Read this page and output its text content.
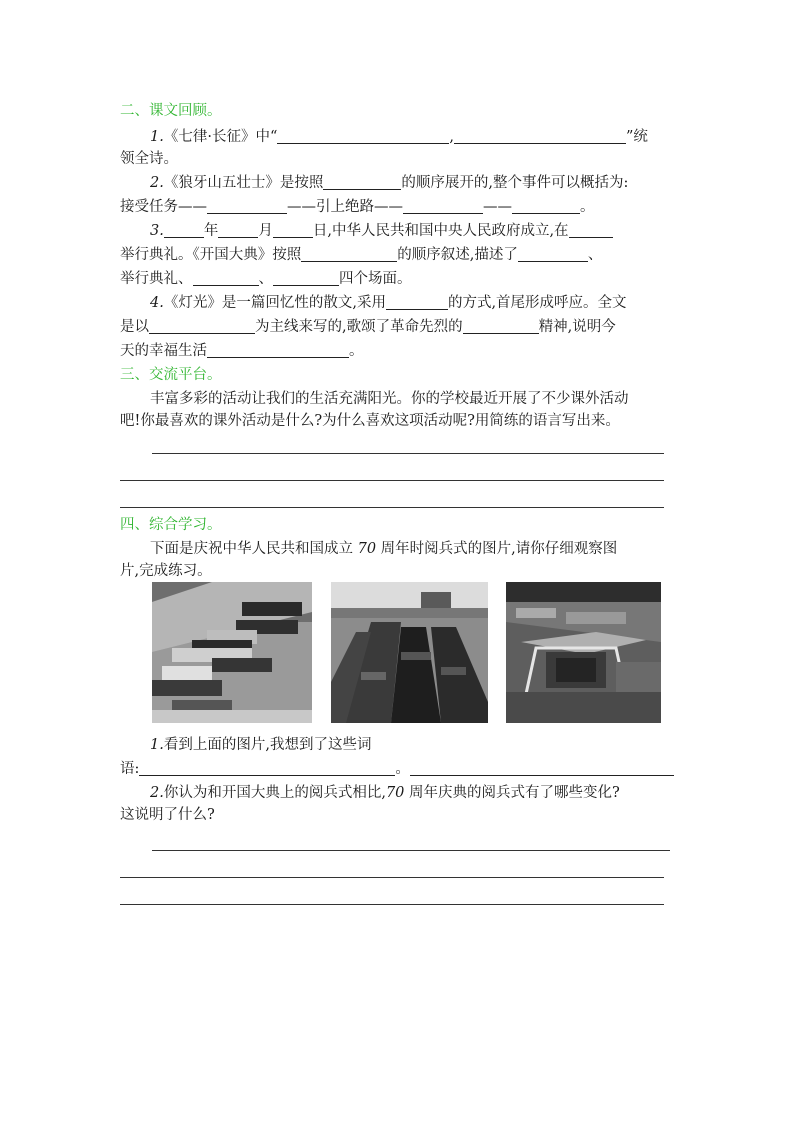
二、课文回顾。
1.《七律·长征》中“	,	”统
领全诗。
2.《狼牙山五壮士》是按照	的顺序展开的,整个事件可以概括为:
接受任务——	——引上绝路——	——	。
3.	年	月	日,中华人民共和国中央人民政府成立,在
举行典礼。《开国大典》按照	的顺序叙述,描述了	、
举行典礼、	、	四个场面。
4.《灯光》是一篇回忆性的散文,采用	的方式,首尾形成呼应。全文
是以	为主线来写的,歌颂了革命先烈的	精神,说明今
天的幸福生活	。
三、交流平台。
丰富多彩的活动让我们的生活充满阳光。你的学校最近开展了不少课外活动
吧!你最喜欢的课外活动是什么?为什么喜欢这项活动呢?用简练的语言写出来。
四、综合学习。
下面是庆祝中华人民共和国成立 70 周年时阅兵式的图片,请你仔细观察图
片,完成练习。
1.看到上面的图片,我想到了这些词
语:	。
2.你认为和开国大典上的阅兵式相比,70 周年庆典的阅兵式有了哪些变化?
这说明了什么?
